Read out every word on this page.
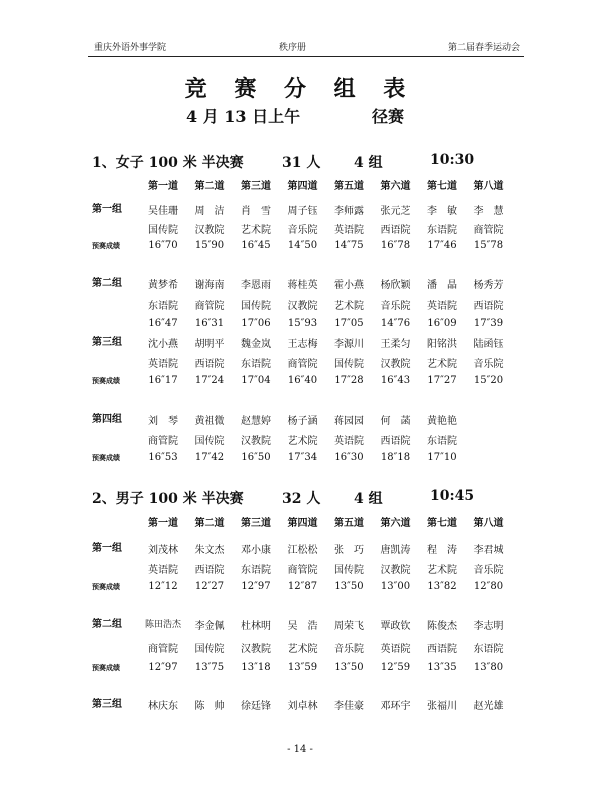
重庆外语外事学院	秩序册	第二届春季运动会
竞 赛 分 组 表
4 月 13 日上午	径赛
1、女子 100 米 半决赛	31 人 4 组	10:30
第一道	第二道	第三道	第四道	第五道	第六道	第七道	第八道
第一组	吴佳珊	周　洁	肖　雪	周子钰	李师露	张元芝	李　敏	李　慧
国传院	汉教院	艺术院	音乐院	英语院	西语院	东语院	商管院
预赛成绩	16″70	15″90	16″45	14″50	14″75	16″78	17″46	15″78
第二组	黄梦希	谢海南	李恩雨	蒋桂英	霍小燕	杨欣颖	潘　晶	杨秀芳
东语院	商管院	国传院	汉教院	艺术院	音乐院	英语院	西语院
16″47	16″31	17″06	15″93	17″05	14″76	16″09	17″39
第三组	沈小燕	胡明平	魏金岚	王志梅	李源川	王柔匀	阳铭洪	陆函钰
英语院	西语院	东语院	商管院	国传院	汉教院	艺术院	音乐院
预赛成绩	16″17	17″24	17″04	16″40	17″28	16″43	17″27	15″20
第四组	刘　琴	黄祖微	赵慧婷	杨子涵	蒋园园	何　菡	黄艳艳
商管院	国传院	汉教院	艺术院	英语院	西语院	东语院
预赛成绩	16″53	17″42	16″50	17″34	16″30	18″18	17″10
2、男子 100 米 半决赛	32 人 4 组	10:45
第一道	第二道	第三道	第四道	第五道	第六道	第七道	第八道
第一组	刘茂林	朱文杰	邓小康	江松松	张　巧	唐凯涛	程　涛	李君城
英语院	西语院	东语院	商管院	国传院	汉教院	艺术院	音乐院
预赛成绩	12″12	12″27	12″97	12″87	13″50	13″00	13″82	12″80
第二组	陈田浩杰	李金佩	杜林明	吴　浩	周荣飞	覃政钦	陈俊杰	李志明
商管院	国传院	汉教院	艺术院	音乐院	英语院	西语院	东语院
预赛成绩	12″97	13″75	13″18	13″59	13″50	12″59	13″35	13″80
第三组	林庆东	陈　帅	徐廷锋	刘卓林	李佳豪	邓环宇	张福川	赵光雄
- 14 -
